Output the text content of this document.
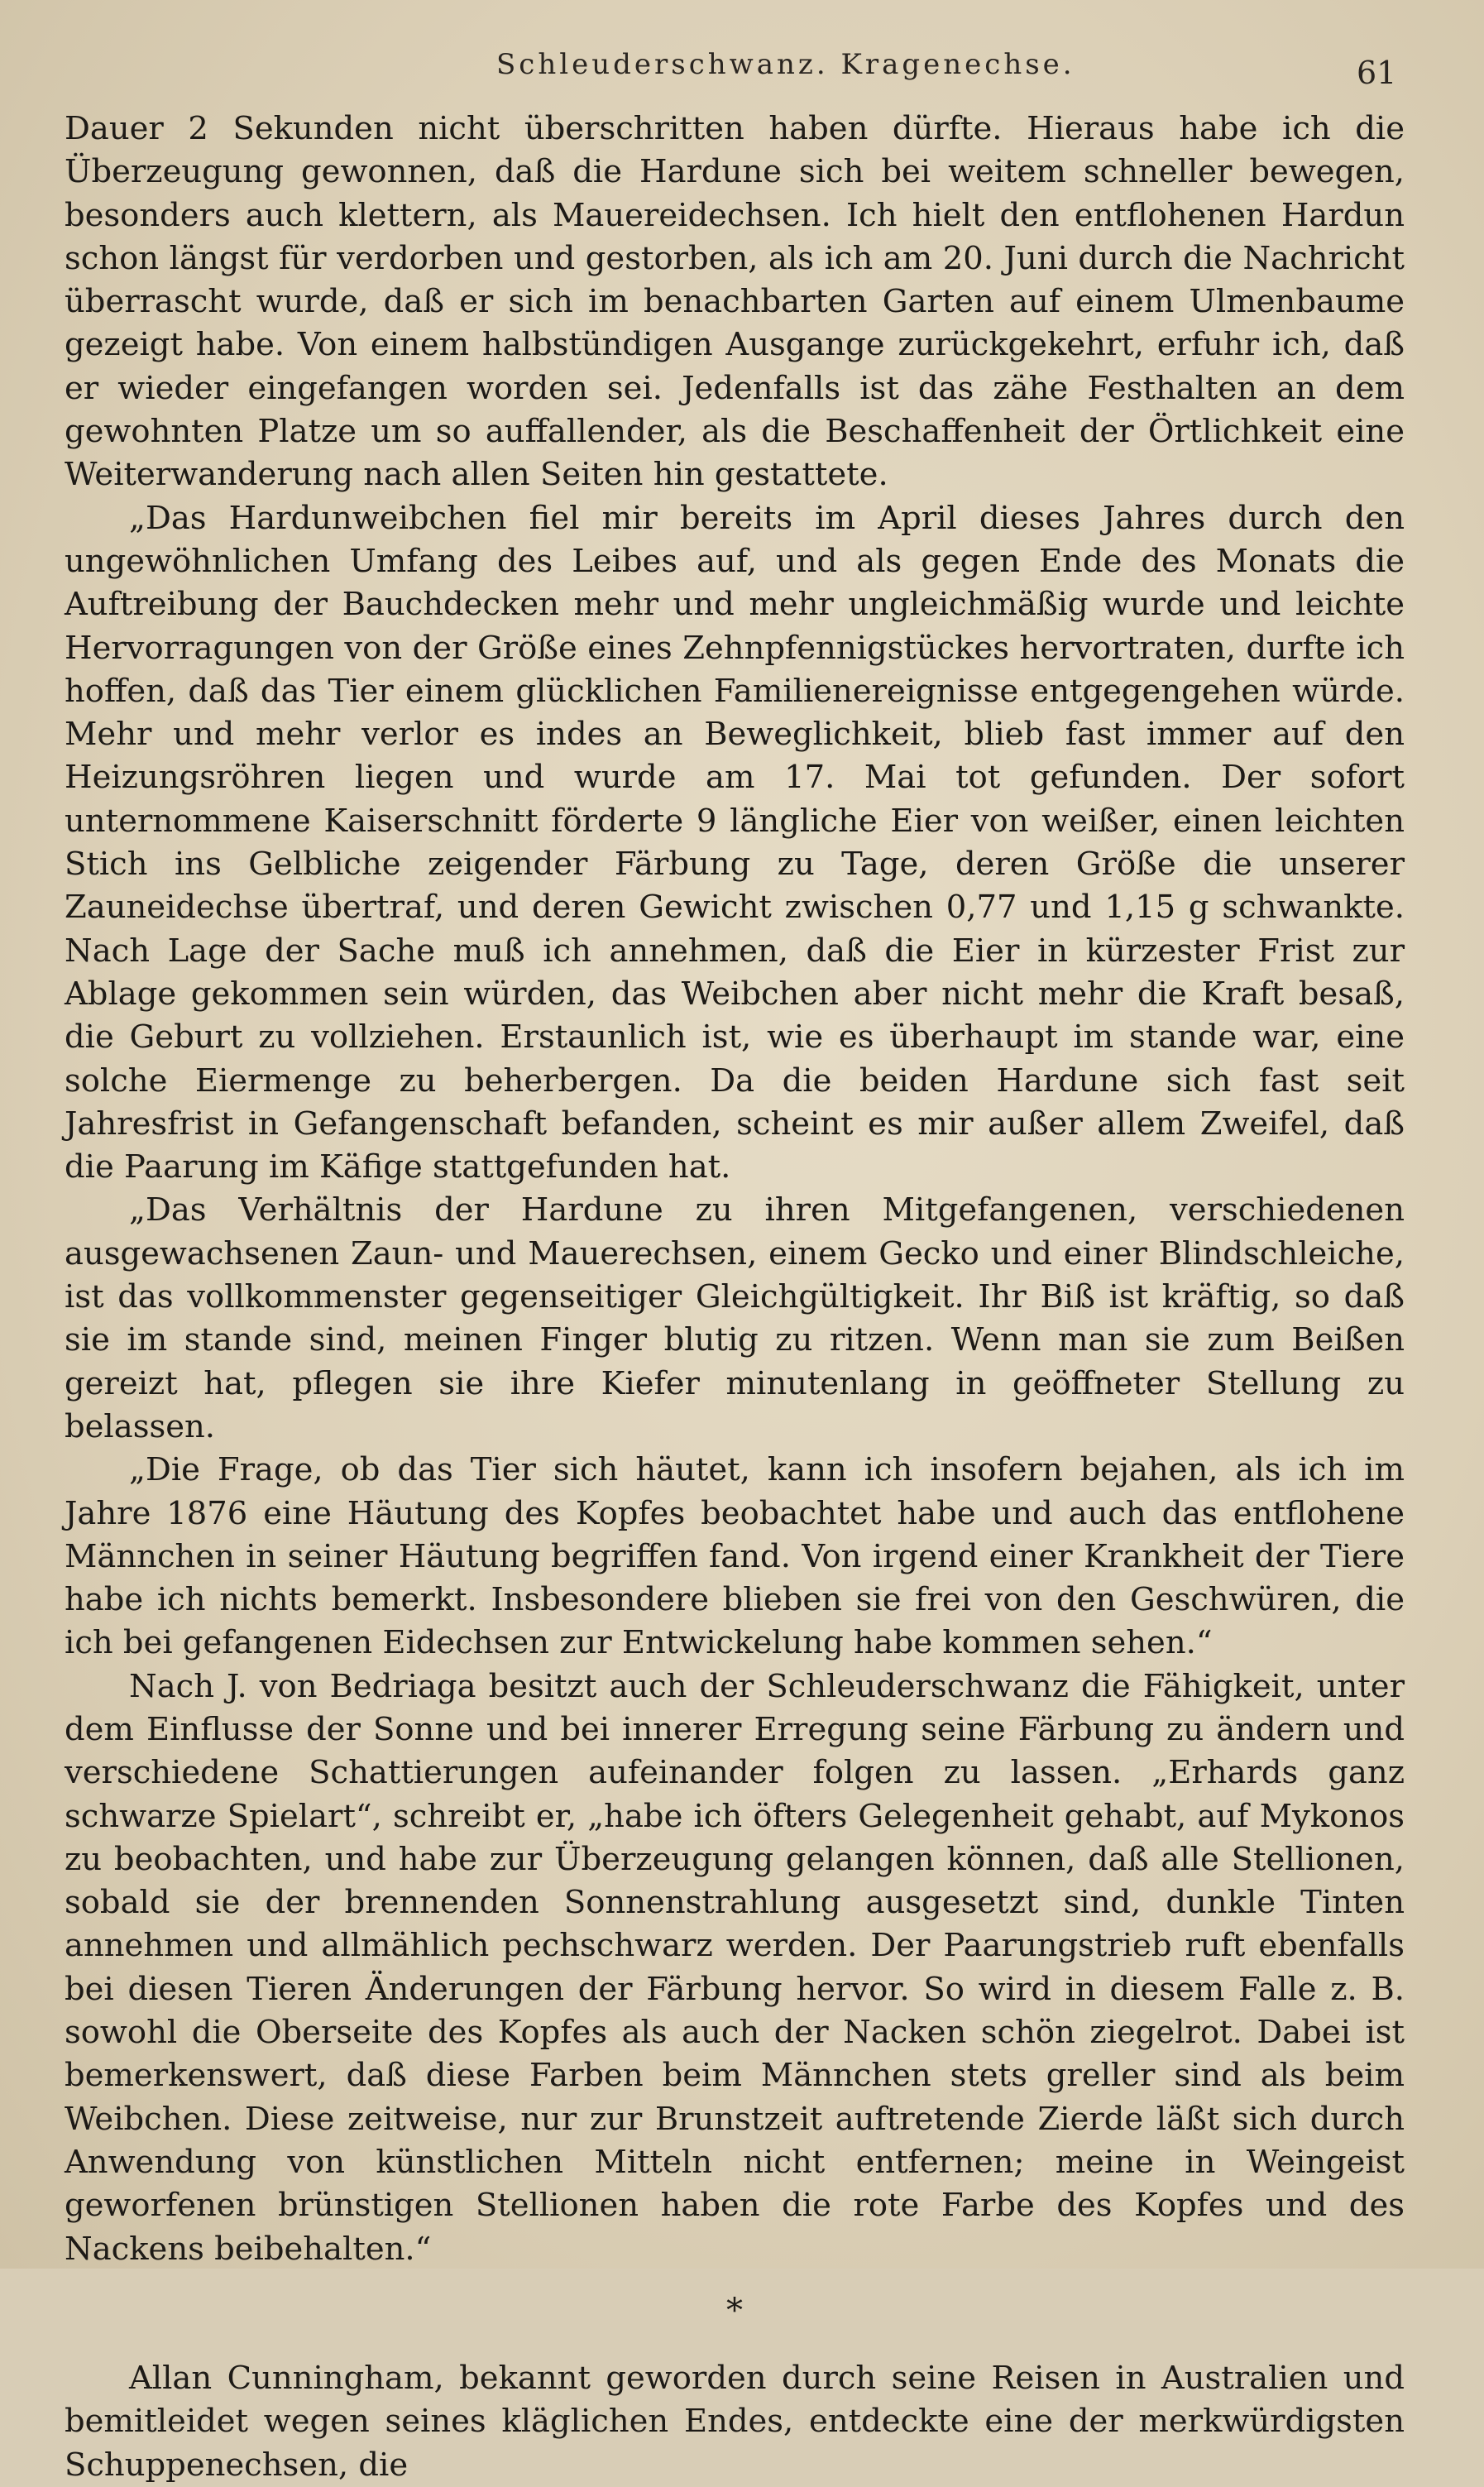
Schleuderschwanz. Kragenechse.	61

Dauer 2 Sekunden nicht überschritten haben dürfte. Hieraus habe ich die Überzeugung gewonnen, daß die Hardune sich bei weitem schneller bewegen, besonders auch klettern, als Mauereidechsen. Ich hielt den entflohenen Hardun schon längst für verdorben und gestorben, als ich am 20. Juni durch die Nachricht überrascht wurde, daß er sich im benachbarten Garten auf einem Ulmenbaume gezeigt habe. Von einem halbstündigen Ausgange zurückgekehrt, erfuhr ich, daß er wieder eingefangen worden sei. Jedenfalls ist das zähe Festhalten an dem gewohnten Platze um so auffallender, als die Beschaffenheit der Örtlichkeit eine Weiterwanderung nach allen Seiten hin gestattete.

„Das Hardunweibchen fiel mir bereits im April dieses Jahres durch den ungewöhnlichen Umfang des Leibes auf, und als gegen Ende des Monats die Auftreibung der Bauchdecken mehr und mehr ungleichmäßig wurde und leichte Hervorragungen von der Größe eines Zehnpfennigstückes hervortraten, durfte ich hoffen, daß das Tier einem glücklichen Familienereignisse entgegengehen würde. Mehr und mehr verlor es indes an Beweglichkeit, blieb fast immer auf den Heizungsröhren liegen und wurde am 17. Mai tot gefunden. Der sofort unternommene Kaiserschnitt förderte 9 längliche Eier von weißer, einen leichten Stich ins Gelbliche zeigender Färbung zu Tage, deren Größe die unserer Zauneidechse übertraf, und deren Gewicht zwischen 0,77 und 1,15 g schwankte. Nach Lage der Sache muß ich annehmen, daß die Eier in kürzester Frist zur Ablage gekommen sein würden, das Weibchen aber nicht mehr die Kraft besaß, die Geburt zu vollziehen. Erstaunlich ist, wie es überhaupt im stande war, eine solche Eiermenge zu beherbergen. Da die beiden Hardune sich fast seit Jahresfrist in Gefangenschaft befanden, scheint es mir außer allem Zweifel, daß die Paarung im Käfige stattgefunden hat.

„Das Verhältnis der Hardune zu ihren Mitgefangenen, verschiedenen ausgewachsenen Zaun- und Mauerechsen, einem Gecko und einer Blindschleiche, ist das vollkommenster gegenseitiger Gleichgültigkeit. Ihr Biß ist kräftig, so daß sie im stande sind, meinen Finger blutig zu ritzen. Wenn man sie zum Beißen gereizt hat, pflegen sie ihre Kiefer minutenlang in geöffneter Stellung zu belassen.

„Die Frage, ob das Tier sich häutet, kann ich insofern bejahen, als ich im Jahre 1876 eine Häutung des Kopfes beobachtet habe und auch das entflohene Männchen in seiner Häutung begriffen fand. Von irgend einer Krankheit der Tiere habe ich nichts bemerkt. Insbesondere blieben sie frei von den Geschwüren, die ich bei gefangenen Eidechsen zur Entwickelung habe kommen sehen.“

Nach J. von Bedriaga besitzt auch der Schleuderschwanz die Fähigkeit, unter dem Einflusse der Sonne und bei innerer Erregung seine Färbung zu ändern und verschiedene Schattierungen aufeinander folgen zu lassen. „Erhards ganz schwarze Spielart“, schreibt er, „habe ich öfters Gelegenheit gehabt, auf Mykonos zu beobachten, und habe zur Überzeugung gelangen können, daß alle Stellionen, sobald sie der brennenden Sonnenstrahlung ausgesetzt sind, dunkle Tinten annehmen und allmählich pechschwarz werden. Der Paarungstrieb ruft ebenfalls bei diesen Tieren Änderungen der Färbung hervor. So wird in diesem Falle z. B. sowohl die Oberseite des Kopfes als auch der Nacken schön ziegelrot. Dabei ist bemerkenswert, daß diese Farben beim Männchen stets greller sind als beim Weibchen. Diese zeitweise, nur zur Brunstzeit auftretende Zierde läßt sich durch Anwendung von künstlichen Mitteln nicht entfernen; meine in Weingeist geworfenen brünstigen Stellionen haben die rote Farbe des Kopfes und des Nackens beibehalten.“

*

Allan Cunningham, bekannt geworden durch seine Reisen in Australien und bemitleidet wegen seines kläglichen Endes, entdeckte eine der merkwürdigsten Schuppenechsen, die
